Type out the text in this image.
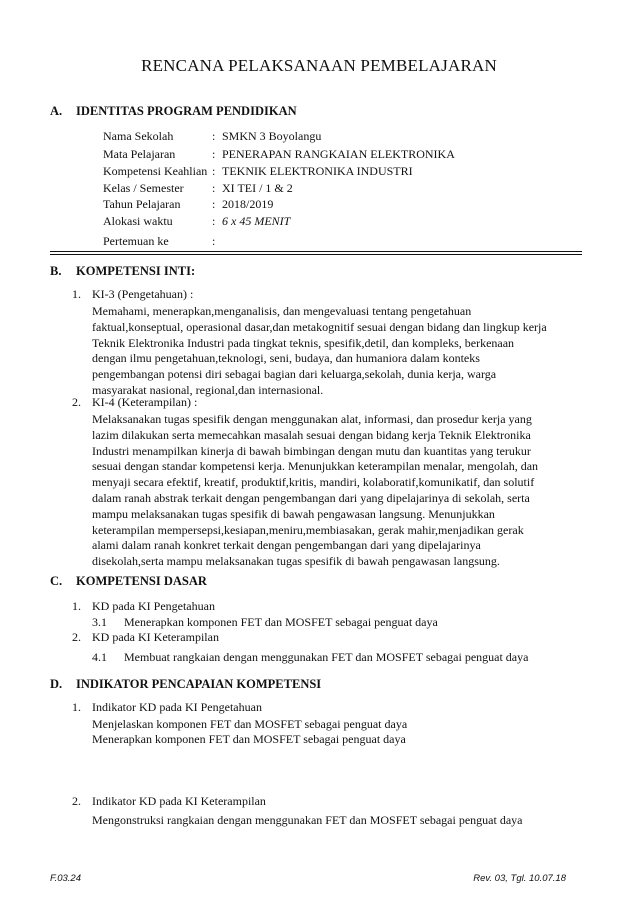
RENCANA PELAKSANAAN PEMBELAJARAN
A. IDENTITAS PROGRAM PENDIDIKAN
Nama Sekolah	: SMKN 3 Boyolangu
Mata Pelajaran	: PENERAPAN RANGKAIAN ELEKTRONIKA
Kompetensi Keahlian : TEKNIK ELEKTRONIKA INDUSTRI
Kelas / Semester : XI TEI / 1 & 2
Tahun Pelajaran	: 2018/2019
Alokasi waktu	: 6 x 45 MENIT
Pertemuan ke	:
B. KOMPETENSI INTI:
1. KI-3 (Pengetahuan) :
Memahami, menerapkan,menganalisis, dan mengevaluasi tentang pengetahuan
faktual,konseptual, operasional dasar,dan metakognitif sesuai dengan bidang dan lingkup kerja
Teknik Elektronika Industri pada tingkat teknis, spesifik,detil, dan kompleks, berkenaan
dengan ilmu pengetahuan,teknologi, seni, budaya, dan humaniora dalam konteks
pengembangan potensi diri sebagai bagian dari keluarga,sekolah, dunia kerja, warga
masyarakat nasional, regional,dan internasional.
2. KI-4 (Keterampilan) :
Melaksanakan tugas spesifik dengan menggunakan alat, informasi, dan prosedur kerja yang
lazim dilakukan serta memecahkan masalah sesuai dengan bidang kerja Teknik Elektronika
Industri menampilkan kinerja di bawah bimbingan dengan mutu dan kuantitas yang terukur
sesuai dengan standar kompetensi kerja. Menunjukkan keterampilan menalar, mengolah, dan
menyaji secara efektif, kreatif, produktif,kritis, mandiri, kolaboratif,komunikatif, dan solutif
dalam ranah abstrak terkait dengan pengembangan dari yang dipelajarinya di sekolah, serta
mampu melaksanakan tugas spesifik di bawah pengawasan langsung. Menunjukkan
keterampilan mempersepsi,kesiapan,meniru,membiasakan, gerak mahir,menjadikan gerak
alami dalam ranah konkret terkait dengan pengembangan dari yang dipelajarinya
disekolah,serta mampu melaksanakan tugas spesifik di bawah pengawasan langsung.
C. KOMPETENSI DASAR
1. KD pada KI Pengetahuan
3.1 Menerapkan komponen FET dan MOSFET sebagai penguat daya
2. KD pada KI Keterampilan
4.1 Membuat rangkaian dengan menggunakan FET dan MOSFET sebagai penguat daya
D. INDIKATOR PENCAPAIAN KOMPETENSI
1. Indikator KD pada KI Pengetahuan
Menjelaskan komponen FET dan MOSFET sebagai penguat daya
Menerapkan komponen FET dan MOSFET sebagai penguat daya
2. Indikator KD pada KI Keterampilan
Mengonstruksi rangkaian dengan menggunakan FET dan MOSFET sebagai penguat daya
F.03.24	Rev. 03, Tgl. 10.07.18
